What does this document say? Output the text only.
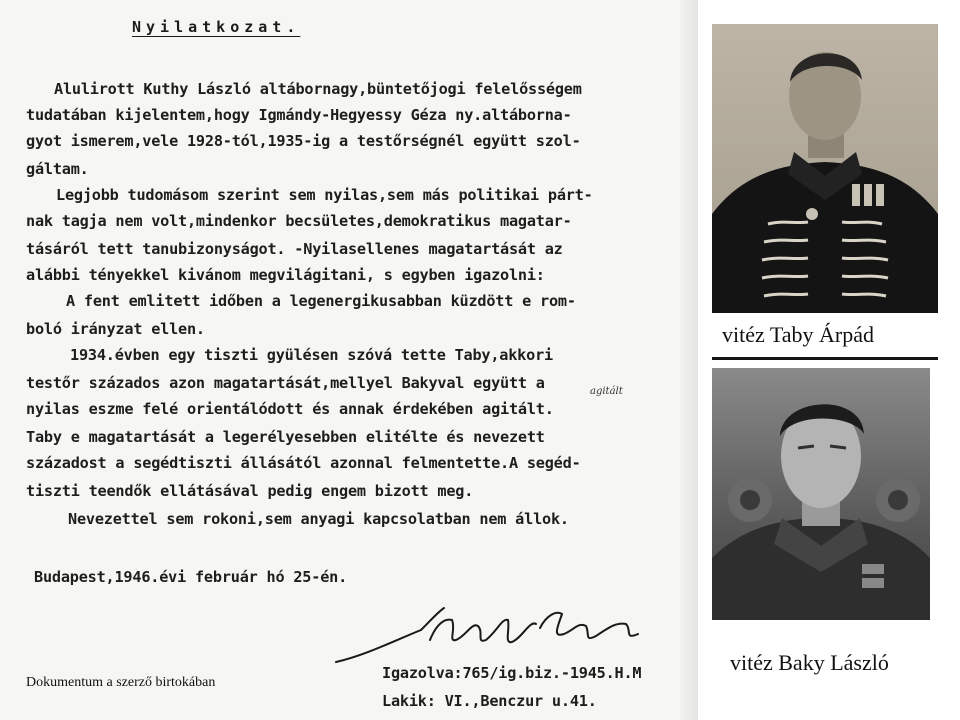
Nyilatkozat.
Alulirott Kuthy László altábornagy,büntetőjogi felelősségem
tudatában kijelentem,hogy Igmándy-Hegyessy Géza ny.altáborna-
gyot ismerem,vele 1928-tól,1935-ig a testőrségnél együtt szol-
gáltam.
Legjobb tudomásom szerint sem nyilas,sem más politikai párt-
nak tagja nem volt,mindenkor becsületes,demokratikus magatar-
tásáról tett tanubizonyságot. -Nyilasellenes magatartását az
alábbi tényekkel kivánom megvilágitani, s egyben igazolni:
A fent emlitett időben a legenergikusabban küzdött e rom-
boló irányzat ellen.
1934.évben egy tiszti gyülésen szóvá tette Taby,akkori
testőr százados azon magatartását,mellyel Bakyval együtt a
nyilas eszme felé orientálódott és annak érdekében agitált.
Taby e magatartását a legerélyesebben elitélte és nevezett
századost a segédtiszti állásától azonnal felmentette.A segéd-
tiszti teendők ellátásával pedig engem bizott meg.
Nevezettel sem rokoni,sem anyagi kapcsolatban nem állok.
Budapest,1946.évi február hó 25-én.
agitált
Igazolva:765/ig.biz.-1945.H.M
Lakik: VI.,Benczur u.41.
Dokumentum a szerző birtokában
vitéz Taby Árpád
vitéz Baky László
